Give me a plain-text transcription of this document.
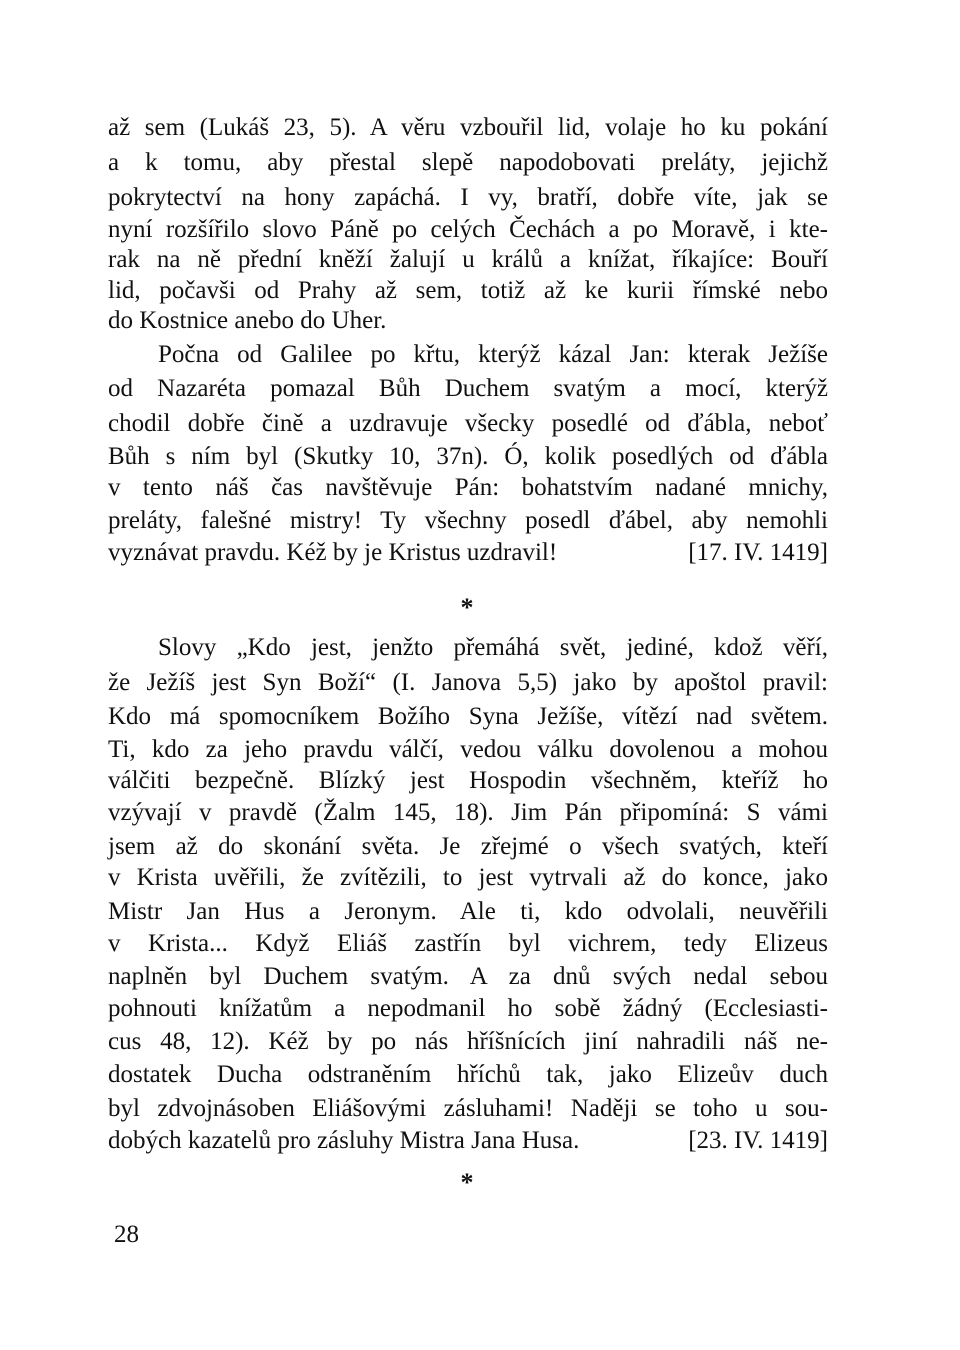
až sem (Lukáš 23, 5). A věru vzbouřil lid, volaje ho ku pokání
a k tomu, aby přestal slepě napodobovati preláty, jejichž
pokrytectví na hony zapáchá. I vy, bratří, dobře víte, jak se
nyní rozšířilo slovo Páně po celých Čechách a po Moravě, i kte-
rak na ně přední kněží žalují u králů a knížat, říkajíce: Bouří
lid, počavši od Prahy až sem, totiž až ke kurii římské nebo
do Kostnice anebo do Uher.
Počna od Galilee po křtu, kterýž kázal Jan: kterak Ježíše
od Nazaréta pomazal Bůh Duchem svatým a mocí, kterýž
chodil dobře čině a uzdravuje všecky posedlé od ďábla, neboť
Bůh s ním byl (Skutky 10, 37n). Ó, kolik posedlých od ďábla
v tento náš čas navštěvuje Pán: bohatstvím nadané mnichy,
preláty, falešné mistry! Ty všechny posedl ďábel, aby nemohli
vyznávat pravdu. Kéž by je Kristus uzdravil!	[17. IV. 1419]
*
Slovy „Kdo jest, jenžto přemáhá svět, jediné, kdož věří,
že Ježíš jest Syn Boží“ (I. Janova 5,5) jako by apoštol pravil:
Kdo má spomocníkem Božího Syna Ježíše, vítězí nad světem.
Ti, kdo za jeho pravdu válčí, vedou válku dovolenou a mohou
válčiti bezpečně. Blízký jest Hospodin všechněm, kteříž ho
vzývají v pravdě (Žalm 145, 18). Jim Pán připomíná: S vámi
jsem až do skonání světa. Je zřejmé o všech svatých, kteří
v Krista uvěřili, že zvítězili, to jest vytrvali až do konce, jako
Mistr Jan Hus a Jeronym. Ale ti, kdo odvolali, neuvěřili
v Krista... Když Eliáš zastřín byl vichrem, tedy Elizeus
naplněn byl Duchem svatým. A za dnů svých nedal sebou
pohnouti knížatům a nepodmanil ho sobě žádný (Ecclesiasti-
cus 48, 12). Kéž by po nás hříšnících jiní nahradili náš ne-
dostatek Ducha odstraněním hříchů tak, jako Elizeův duch
byl zdvojnásoben Eliášovými zásluhami! Naději se toho u sou-
dobých kazatelů pro zásluhy Mistra Jana Husa.	[23. IV. 1419]
*
28
